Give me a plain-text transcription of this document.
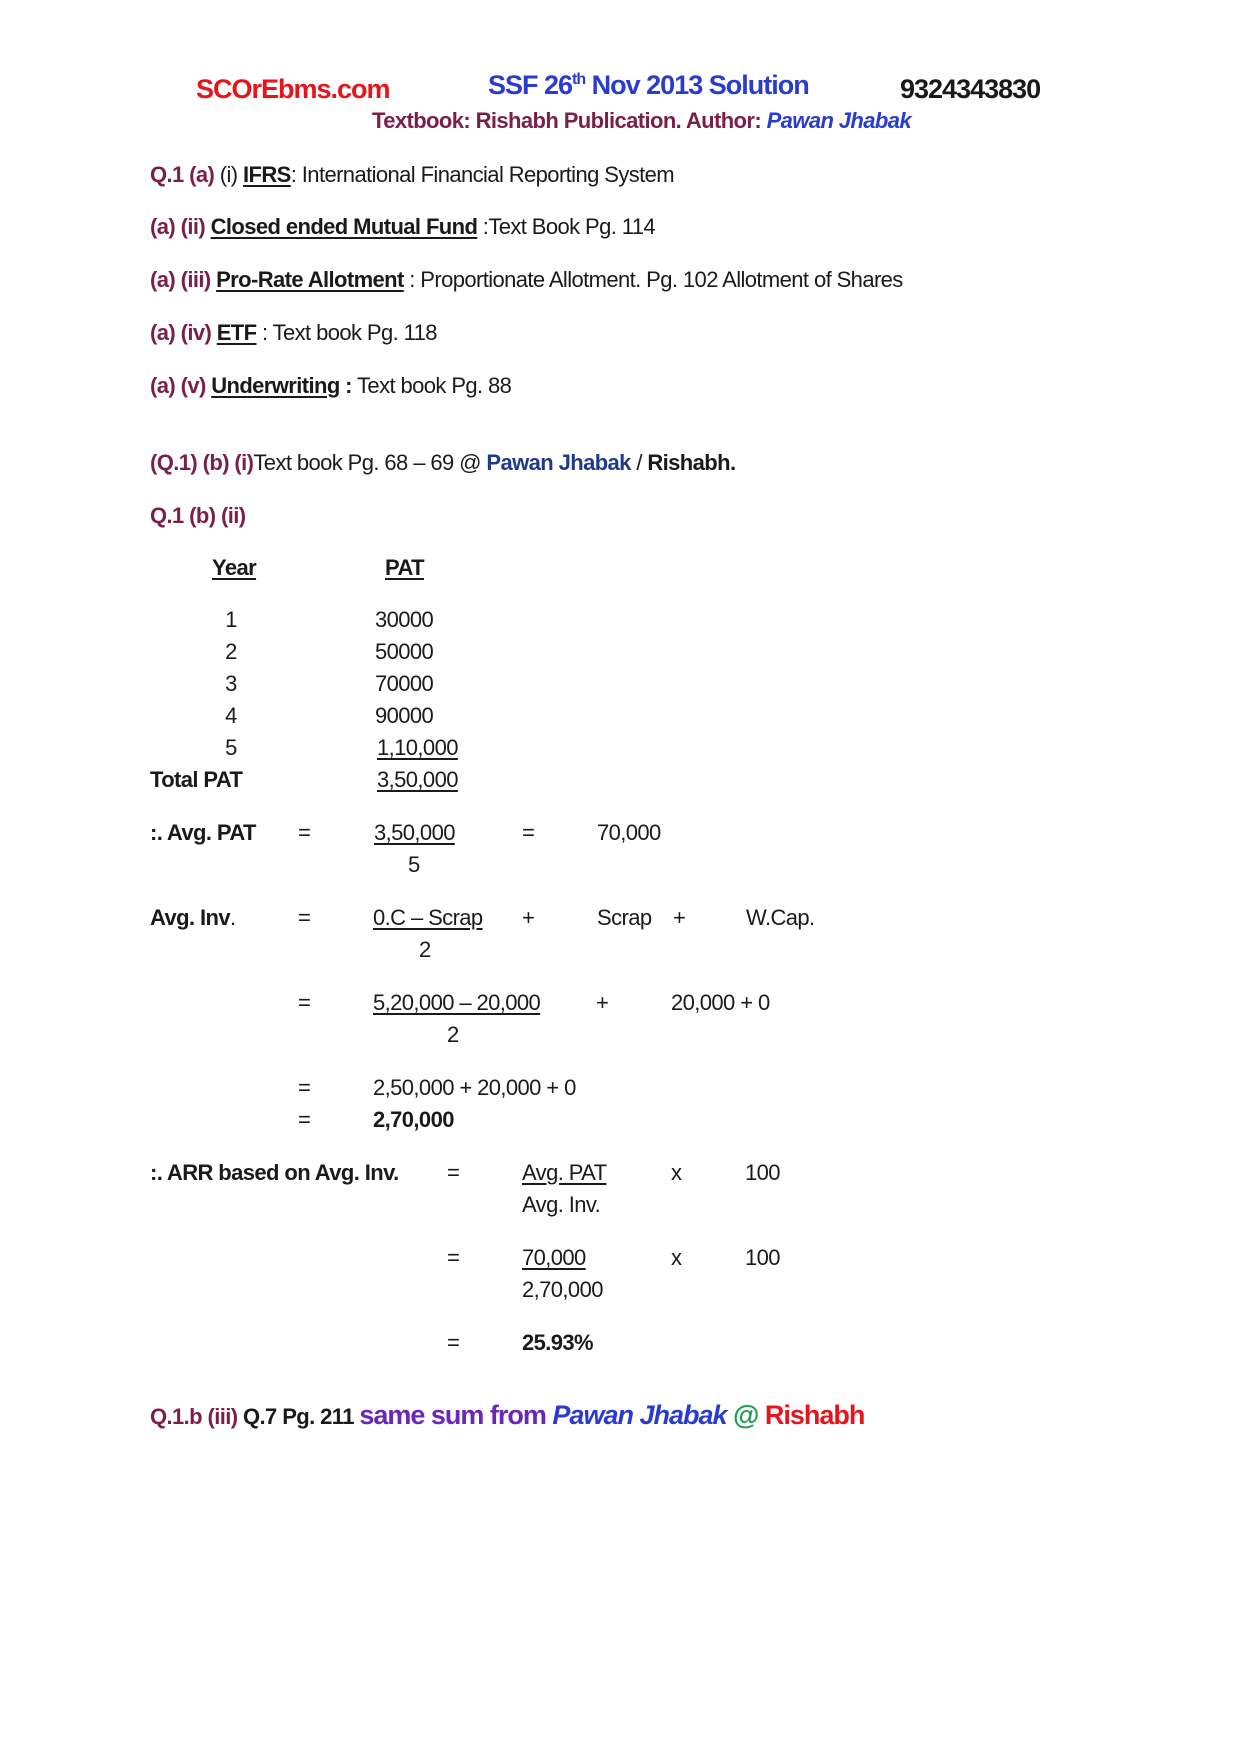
SCOrEbms.com	SSF 26th Nov 2013 Solution	9324343830
Textbook: Rishabh Publication. Author: Pawan Jhabak
Q.1 (a) (i) IFRS: International Financial Reporting System
(a) (ii) Closed ended Mutual Fund :Text Book Pg. 114
(a) (iii) Pro-Rate Allotment : Proportionate Allotment. Pg. 102 Allotment of Shares
(a) (iv) ETF : Text book Pg. 118
(a) (v) Underwriting : Text book Pg. 88
(Q.1) (b) (i)Text book Pg. 68 – 69 @ Pawan Jhabak / Rishabh.
Q.1 (b) (ii)
Year	PAT
1	30000
2	50000
3	70000
4	90000
5	1,10,000
Total PAT	3,50,000
:. Avg. PAT =	3,50,000
5
=	70,000
Avg. Inv.	=	0.C – Scrap
2
+	Scrap +	W.Cap.
=	5,20,000 – 20,000
2
+	20,000 + 0
=	2,50,000 + 20,000 + 0
=	2,70,000
:. ARR based on Avg. Inv. =	Avg. PAT
Avg. Inv.
x	100
=	70,000
2,70,000
x	100
=	25.93%
Q.1.b (iii) Q.7 Pg. 211 same sum from Pawan Jhabak @ Rishabh
